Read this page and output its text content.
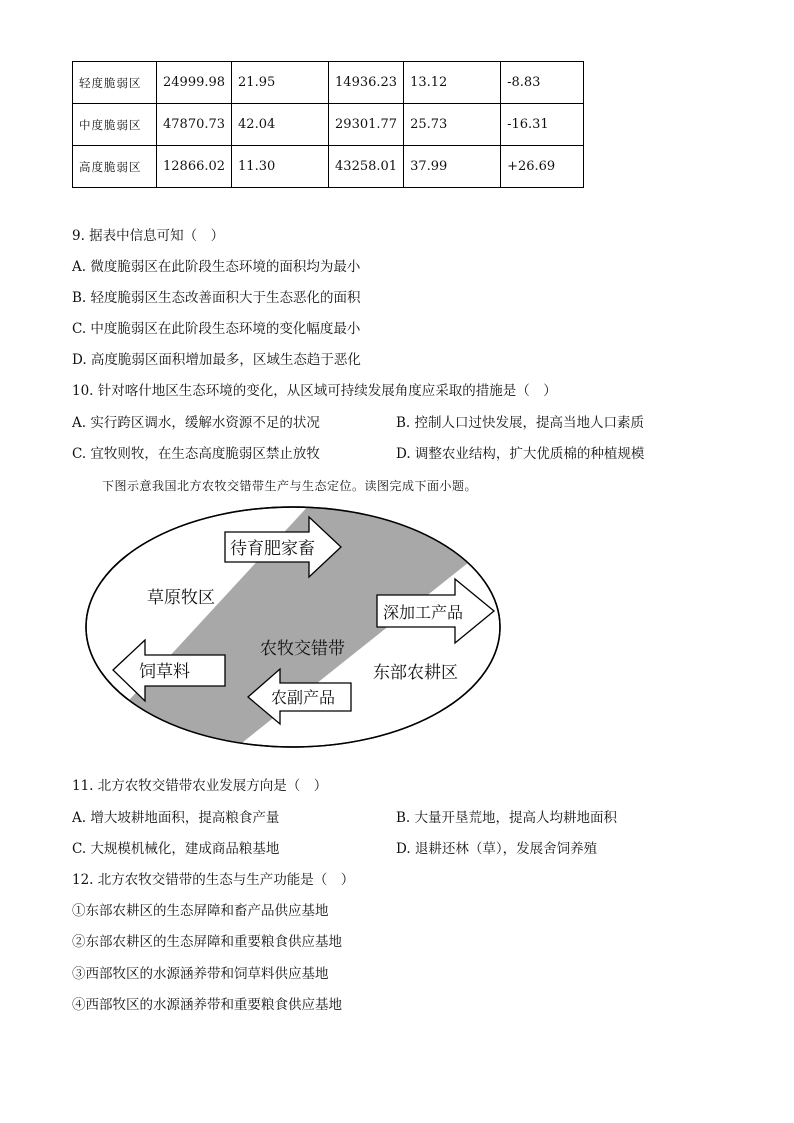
轻度脆弱区	24999.98	21.95	14936.23	13.12	-8.83
中度脆弱区	47870.73	42.04	29301.77	25.73	-16.31
高度脆弱区	12866.02	11.30	43258.01	37.99	+26.69
9. 据表中信息可知（　）
A. 微度脆弱区在此阶段生态环境的面积均为最小
B. 轻度脆弱区生态改善面积大于生态恶化的面积
C. 中度脆弱区在此阶段生态环境的变化幅度最小
D. 高度脆弱区面积增加最多，区域生态趋于恶化
10. 针对喀什地区生态环境的变化，从区域可持续发展角度应采取的措施是（　）
A. 实行跨区调水，缓解水资源不足的状况	B. 控制人口过快发展，提高当地人口素质
C. 宜牧则牧，在生态高度脆弱区禁止放牧	D. 调整农业结构，扩大优质棉的种植规模
下图示意我国北方农牧交错带生产与生态定位。读图完成下面小题。
待育肥家畜
深加工产品
饲草料
农副产品
草原牧区
农牧交错带
东部农耕区
11. 北方农牧交错带农业发展方向是（　）
A. 增大坡耕地面积，提高粮食产量	B. 大量开垦荒地，提高人均耕地面积
C. 大规模机械化，建成商品粮基地	D. 退耕还林（草），发展舍饲养殖
12. 北方农牧交错带的生态与生产功能是（　）
①东部农耕区的生态屏障和畜产品供应基地
②东部农耕区的生态屏障和重要粮食供应基地
③西部牧区的水源涵养带和饲草料供应基地
④西部牧区的水源涵养带和重要粮食供应基地
